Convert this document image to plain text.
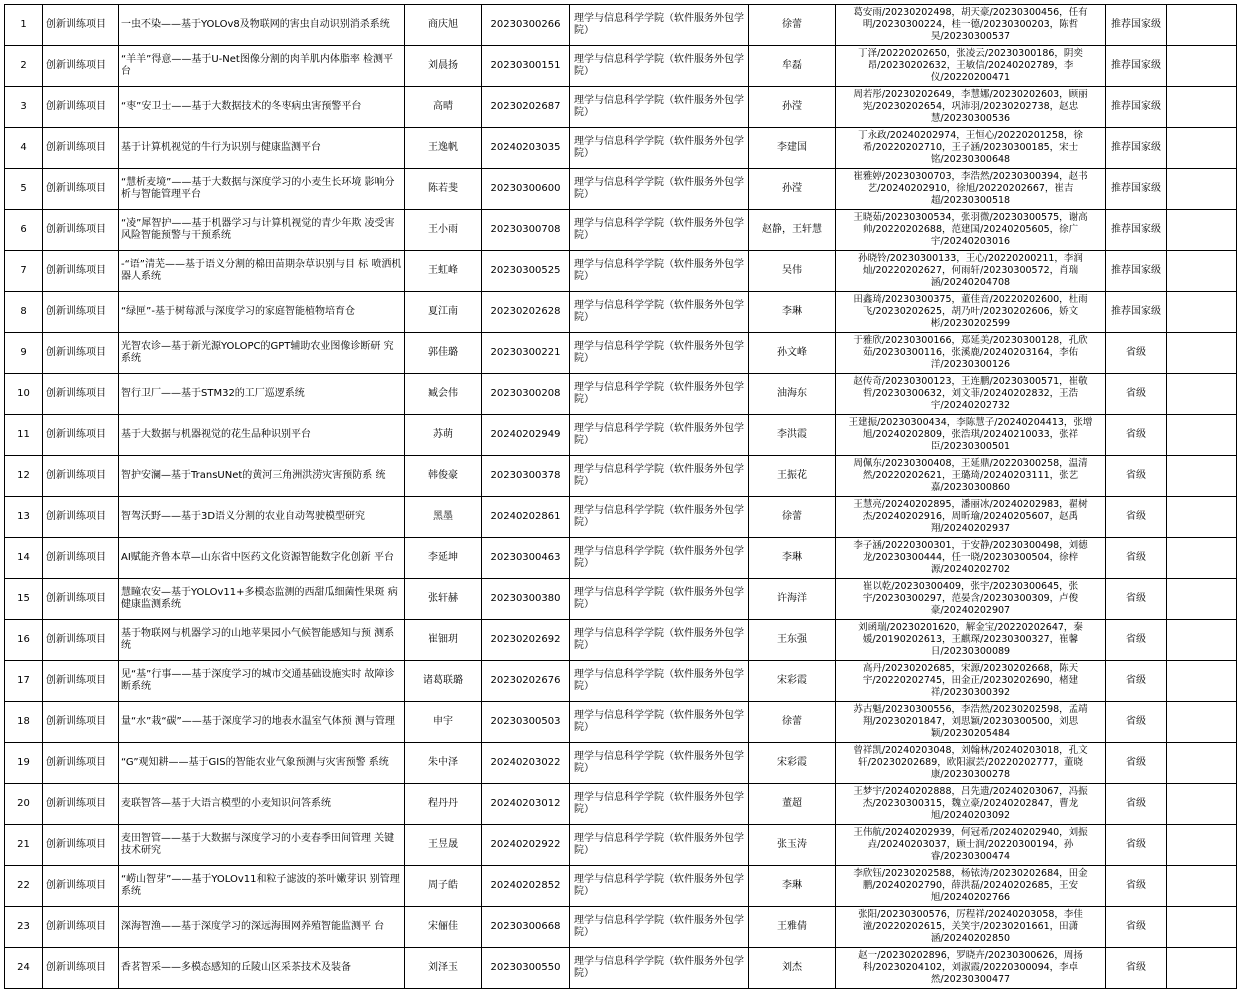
1	创新训练项目	一虫不染——基于YOLOv8及物联网的害虫自动识别消杀系统	商庆旭	20230300266	理学与信息科学学院（软件服务外包学院）	徐蕾	葛安雨/20230202498，胡天豪/20230300456，任有明/20230300224，桂一德/20230300203，陈哲昊/20230300537	推荐国家级	
2	创新训练项目	“羊羊”得意——基于U-Net图像分割的肉羊肌内体脂率 检测平台	刘晨扬	20230300151	理学与信息科学学院（软件服务外包学院）	牟磊	丁泽/20220202650，张凌云/20230300186，阴奕昂/20230202632，王敏信/20240202789，李仪/20220200471	推荐国家级	
3	创新训练项目	“枣”安卫士——基于大数据技术的冬枣病虫害预警平台	高晴	20230202687	理学与信息科学学院（软件服务外包学院）	孙滢	周若彤/20230202649，李慧娜/20230202603，顾丽宪/20230202654，巩沛羽/20230202738，赵忠慧/20230300536	推荐国家级	
4	创新训练项目	基于计算机视觉的牛行为识别与健康监测平台	王逸帆	20240203035	理学与信息科学学院（软件服务外包学院）	李建国	丁永政/20240202974，王恒心/20220201258，徐希/20220202710，王子涵/20230300185，宋士铭/20230300648	推荐国家级	
5	创新训练项目	“慧析麦境”——基于大数据与深度学习的小麦生长环境 影响分析与智能管理平台	陈若斐	20230300600	理学与信息科学学院（软件服务外包学院）	孙滢	崔雅婷/20230300703，李浩然/20230300394，赵书艺/20240202910，徐旭/20220202667，崔吉超/20230300518	推荐国家级	
6	创新训练项目	“凌”犀智护——基于机器学习与计算机视觉的青少年欺 凌受害风险智能预警与干预系统	王小雨	20230300708	理学与信息科学学院（软件服务外包学院）	赵静，王轩慧	王晓茹/20230300534，张羽微/20230300575，谢高帅/20220202688，范建国/20240205605，徐广宇/20240203016	推荐国家级	
7	创新训练项目	-“语”清芜——基于语义分割的棉田苗期杂草识别与目 标 喷洒机器人系统	王虹峰	20230300525	理学与信息科学学院（软件服务外包学院）	吴伟	孙晓铃/20230300133，王心/20220200211，李润灿/20220202627，何雨轩/20230300572，肖瑞涵/20240204708	推荐国家级	
8	创新训练项目	“绿匣”-基于树莓派与深度学习的家庭智能植物培育仓	夏江南	20230202628	理学与信息科学学院（软件服务外包学院）	李琳	田鑫琦/20230300375，董佳音/20220202600，杜雨飞/20230202625，胡乃叶/20230202606，娇文彬/20230202599	推荐国家级	
9	创新训练项目	光智农诊—基于新光源YOLOPC的GPT辅助农业图像诊断研 究系统	郭佳璐	20230300221	理学与信息科学学院（软件服务外包学院）	孙文峰	于雅欣/20230300166，郑延美/20230300128，孔欣茹/20230300116，张溪鹿/20240203164，李佑洋/20230300126	省级	
10	创新训练项目	智行卫厂——基于STM32的工厂巡逻系统	臧会伟	20230300208	理学与信息科学学院（软件服务外包学院）	油海东	赵传奇/20230300123，王连鹏/20230300571，崔敬哲/20230300632，刘文菲/20240202832，王浩宇/20240202732	省级	
11	创新训练项目	基于大数据与机器视觉的花生品种识别平台	苏萌	20240202949	理学与信息科学学院（软件服务外包学院）	李洪霞	王建振/20230300434，李陈慧子/20240204413，张增旭/20240202809，张浩琪/20240210033，张祥臣/20230300501	省级	
12	创新训练项目	智护安澜—基于TransUNet的黄河三角洲洪涝灾害预防系 统	韩俊豪	20230300378	理学与信息科学学院（软件服务外包学院）	王振花	周佩东/20230300408，王延鼎/20220300258，温清然/20220202621，王璐琦/20240203111，张艺嘉/20230300860	省级	
13	创新训练项目	智驾沃野——基于3D语义分割的农业自动驾驶模型研究	黑墨	20240202861	理学与信息科学学院（软件服务外包学院）	徐蕾	王慧亮/20240202895，潘丽冰/20240202983，翟树杰/20240202916，周昕瑜/20240205607，赵禹翔/20240202937	省级	
14	创新训练项目	AI赋能齐鲁本草—山东省中医药文化资源智能数字化创新 平台	李延坤	20230300463	理学与信息科学学院（软件服务外包学院）	李琳	李子涵/20220300301，于安静/20230300498，刘德龙/20230300444，任一晓/20230300504，徐梓源/20240202702	省级	
15	创新训练项目	慧瞳农安—基于YOLOv11+多模态监测的西甜瓜细菌性果斑 病健康监测系统	张轩赫	20230300380	理学与信息科学学院（软件服务外包学院）	许海洋	崔以乾/20230300409，张宇/20230300645，张宇/20230300297，范晏含/20230300309，卢俊豪/20240202907	省级	
16	创新训练项目	基于物联网与机器学习的山地苹果园小气候智能感知与预 测系统	崔钿玥	20230202692	理学与信息科学学院（软件服务外包学院）	王东强	刘函瑞/20230201620，解金宝/20220202647，秦媛/20190202613，王麒琛/20230300327，崔馨日/20230300089	省级	
17	创新训练项目	见“基”行事——基于深度学习的城市交通基础设施实时 故障诊断系统	诸葛联璐	20230202676	理学与信息科学学院（软件服务外包学院）	宋彩霞	高丹/20230202685，宋源/20230202668，陈天宇/20220202745，田金正/20230202690，楮建祥/20230300392	省级	
18	创新训练项目	量“水”栽“碳”——基于深度学习的地表水温室气体预 测与管理	申宇	20230300503	理学与信息科学学院（软件服务外包学院）	徐蕾	苏古魁/20230300556，李浩然/20230202598，孟靖翔/20230201847，刘思颖/20230300500，刘思颖/20230205484	省级	
19	创新训练项目	“G”观知耕——基于GIS的智能农业气象预测与灾害预警 系统	朱中泽	20240203022	理学与信息科学学院（软件服务外包学院）	宋彩霞	曾祥凯/20240203048，刘翰林/20240203018，孔文轩/20230202689，欧阳淑芸/20220202777，董晓康/20230300278	省级	
20	创新训练项目	麦联智答—基于大语言模型的小麦知识问答系统	程丹丹	20240203012	理学与信息科学学院（软件服务外包学院）	董超	王梦宇/20240202888，吕先遗/20240203067，冯振杰/20230300315，魏立豪/20240202847，曹龙旭/20240203092	省级	
21	创新训练项目	麦田智管——基于大数据与深度学习的小麦春季田间管理 关键技术研究	王昱晟	20240202922	理学与信息科学学院（软件服务外包学院）	张玉涛	王伟航/20240202939，何冠希/20240202940，刘振垚/20240203037，顾士润/20220300194，孙睿/20230300474	省级	
22	创新训练项目	“崂山智芽”——基于YOLOv11和粒子滤波的茶叶嫩芽识 别管理系统	周子皓	20240202852	理学与信息科学学院（软件服务外包学院）	李琳	李欣钰/20230202588，杨铱涛/20230202684，田金鹏/20240202790，薛洪磊/20240202685，王安旭/20240202766	省级	
23	创新训练项目	深海智渔——基于深度学习的深远海围网养殖智能监测平 台	宋俪佳	20230300668	理学与信息科学学院（软件服务外包学院）	王雅倩	张阳/20230300576，厉程祥/20240203058，李佳潼/20220202615，关笑宇/20230201661，田潇涵/20240202850	省级	
24	创新训练项目	香茗智采——多模态感知的丘陵山区采茶技术及装备	刘泽玉	20230300550	理学与信息科学学院（软件服务外包学院）	刘杰	赵一/20230202896，罗晓卉/20230300626，周扬科/20230204102，刘淑霞/20220300094，李卓然/20230300477	省级	
